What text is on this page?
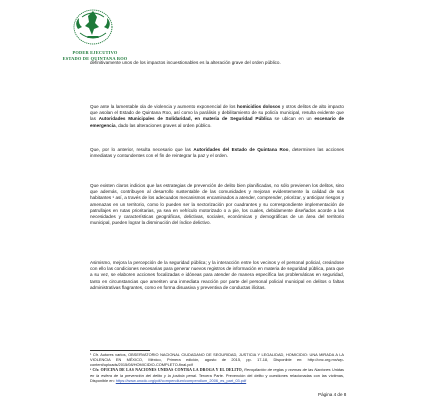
PODER EJECUTIVO
ESTADO DE QUINTANA ROO
definitivamente unos de los impactos incuestionables es la alteración grave del orden público.
Que ante la lamentable ola de violencia y aumento exponencial de los homicidios dolosos y otros delitos de alto impacto que asolan el Estado de Quintana Roo, así como la parálisis y debilitamiento de su policía municipal, resulta evidente que las Autoridades Municipales de Solidaridad, en materia de Seguridad Pública se ubican en un escenario de emergencia, dado las alteraciones graves al orden público.
Que, por lo anterior, resulta necesario que las Autoridades del Estado de Quintana Roo, determinen las acciones inmediatas y contundentes con el fin de reintegrar la paz y el orden.
Que existen claros indicios que las estrategias de prevención de delito bien planificadas, no sólo previenen los delitos, sino que además, contribuyen al desarrollo sustentable de las comunidades y mejoran evidentemente la calidad de sus habitantes ¹ así, a través de los adecuados mecanismos encaminados a atender, comprender, priorizar, y anticipar riesgos y amenazas en un territorio, como lo pueden ser la sectorización por cuadrantes y su correspondiente implementación de patrullajes en rutas prioritarias, ya sea en vehículo motorizado o a pie, los cuales, debidamente diseñados acorde a las necesidades y características geográficas, delictivas, sociales, económicas y demográficas de un área del territorio municipal, pueden lograr la disminución del índice delictivo.
Asimismo, mejora la percepción de la seguridad pública; y la interacción entre los vecinos y el personal policial, creándose con ello las condiciones necesarias para generar nuevos registros de información en materia de seguridad pública, para que a su vez, se elaboren acciones focalizadas e idóneas para atender de manera específica las problemáticas en seguridad, tanto en circunstancias que ameriten una inmediata reacción por parte del personal policial municipal en delitos o faltas administrativas flagrantes, como en forma disuasiva y preventiva de conductas ilícitas.
¹ Cfr. Autores varios, OBSERVATORIO NACIONAL CIUDADANO DE SEGURIDAD, JUSTICIA Y LEGALIDAD, HOMICIDIO: UNA MIRADA A LA VIOLENCIA EN MÉXICO, México, Primera edición, agosto de 2015, pp. 17-18, Disponible en: http://onc.org.mx/wp-content/uploads/2015/08/HOMICIDIO-COMPLETO-final.pdf
² Cfr. OFICINA DE LAS NACIONES UNIDAS CONTRA LA DROGA Y EL DELITO, Recopilación de reglas y normas de las Naciones Unidas en la esfera de la prevención del delito y la justicia penal. Tercera Parte. Prevención del delito y cuestiones relacionadas con las víctimas, Disponible en: https://www.unodc.org/pdf/compendium/compendium_2006_es_part_03.pdf
Página 4 de 8
